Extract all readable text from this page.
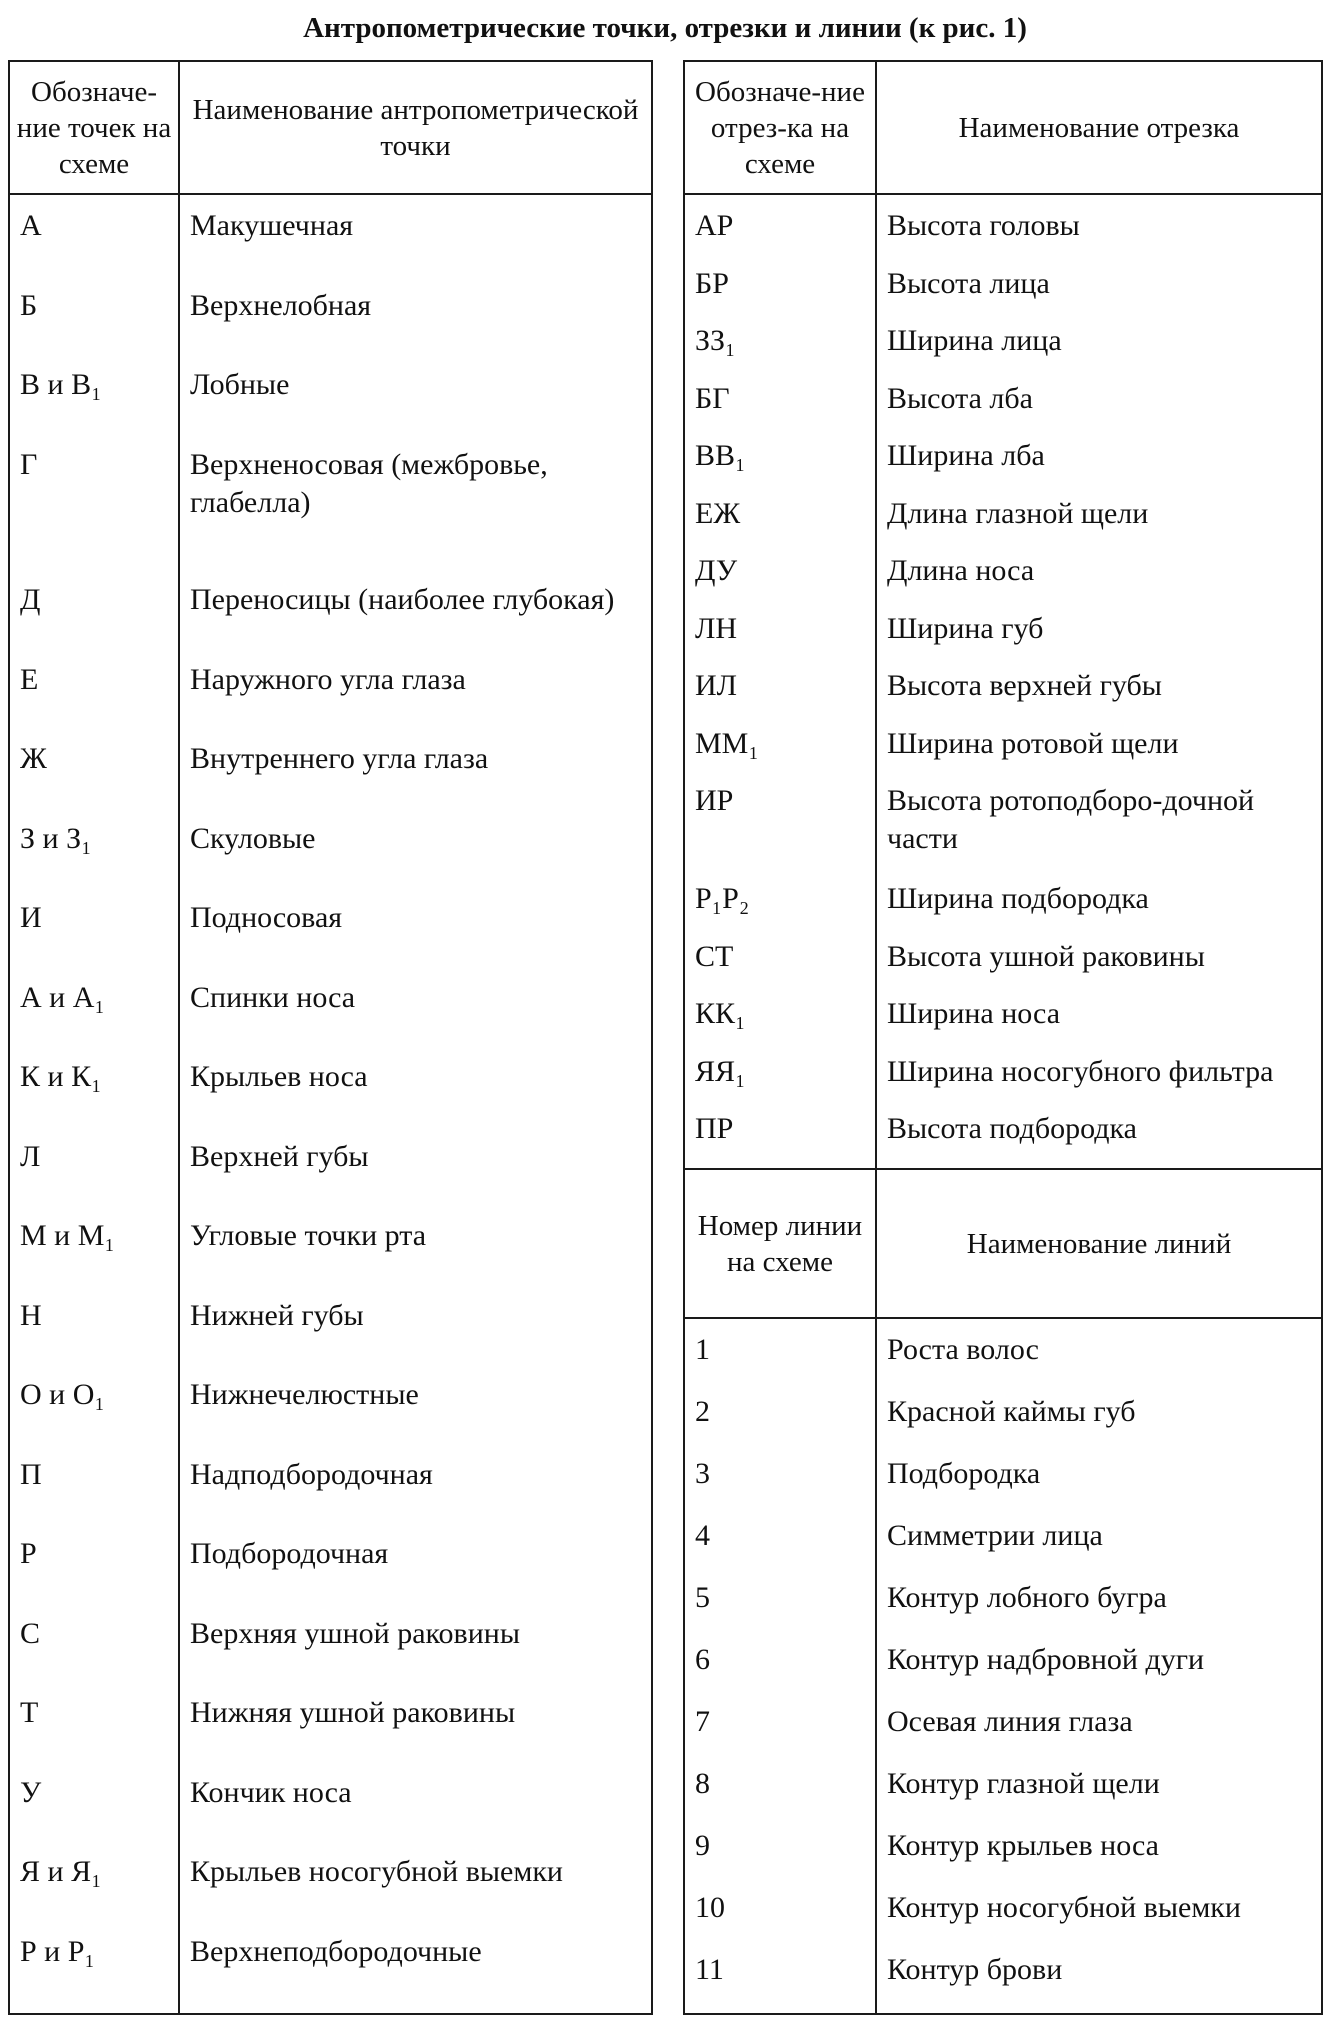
Антропометрические точки, отрезки и линии (к рис. 1)
Обозначе-ние точек на схеме	Наименование антропометрической точки

А	Макушечная
Б	Верхнелобная
В и В₁	Лобные
Г	Верхненосовая (межбровье, глабелла)
Д	Переносицы (наиболее глубокая)
Е	Наружного угла глаза
Ж	Внутреннего угла глаза
З и З₁	Скуловые
И	Подносовая
А и А₁	Спинки носа
К и К₁	Крыльев носа
Л	Верхней губы
М и М₁	Угловые точки рта
Н	Нижней губы
О и О₁	Нижнечелюстные
П	Надподбородочная
Р	Подбородочная
С	Верхняя ушной раковины
Т	Нижняя ушной раковины
У	Кончик носа
Я и Я₁	Крыльев носогубной выемки
Р и Р₁	Верхнеподбородочные

Обозначе-ние отрез-ка на схеме	Наименование отрезка

АР	Высота головы
БР	Высота лица
ЗЗ₁	Ширина лица
БГ	Высота лба
ВВ₁	Ширина лба
ЕЖ	Длина глазной щели
ДУ	Длина носа
ЛН	Ширина губ
ИЛ	Высота верхней губы
ММ₁	Ширина ротовой щели
ИР	Высота ротоподборо-дочной части
Р₁Р₂	Ширина подбородка
СТ	Высота ушной раковины
КК₁	Ширина носа
ЯЯ₁	Ширина носогубного фильтра
ПР	Высота подбородка

Номер линии на схеме	Наименование линий

1	Роста волос
2	Красной каймы губ
3	Подбородка
4	Симметрии лица
5	Контур лобного бугра
6	Контур надбровной дуги
7	Осевая линия глаза
8	Контур глазной щели
9	Контур крыльев носа
10	Контур носогубной выемки
11	Контур брови
